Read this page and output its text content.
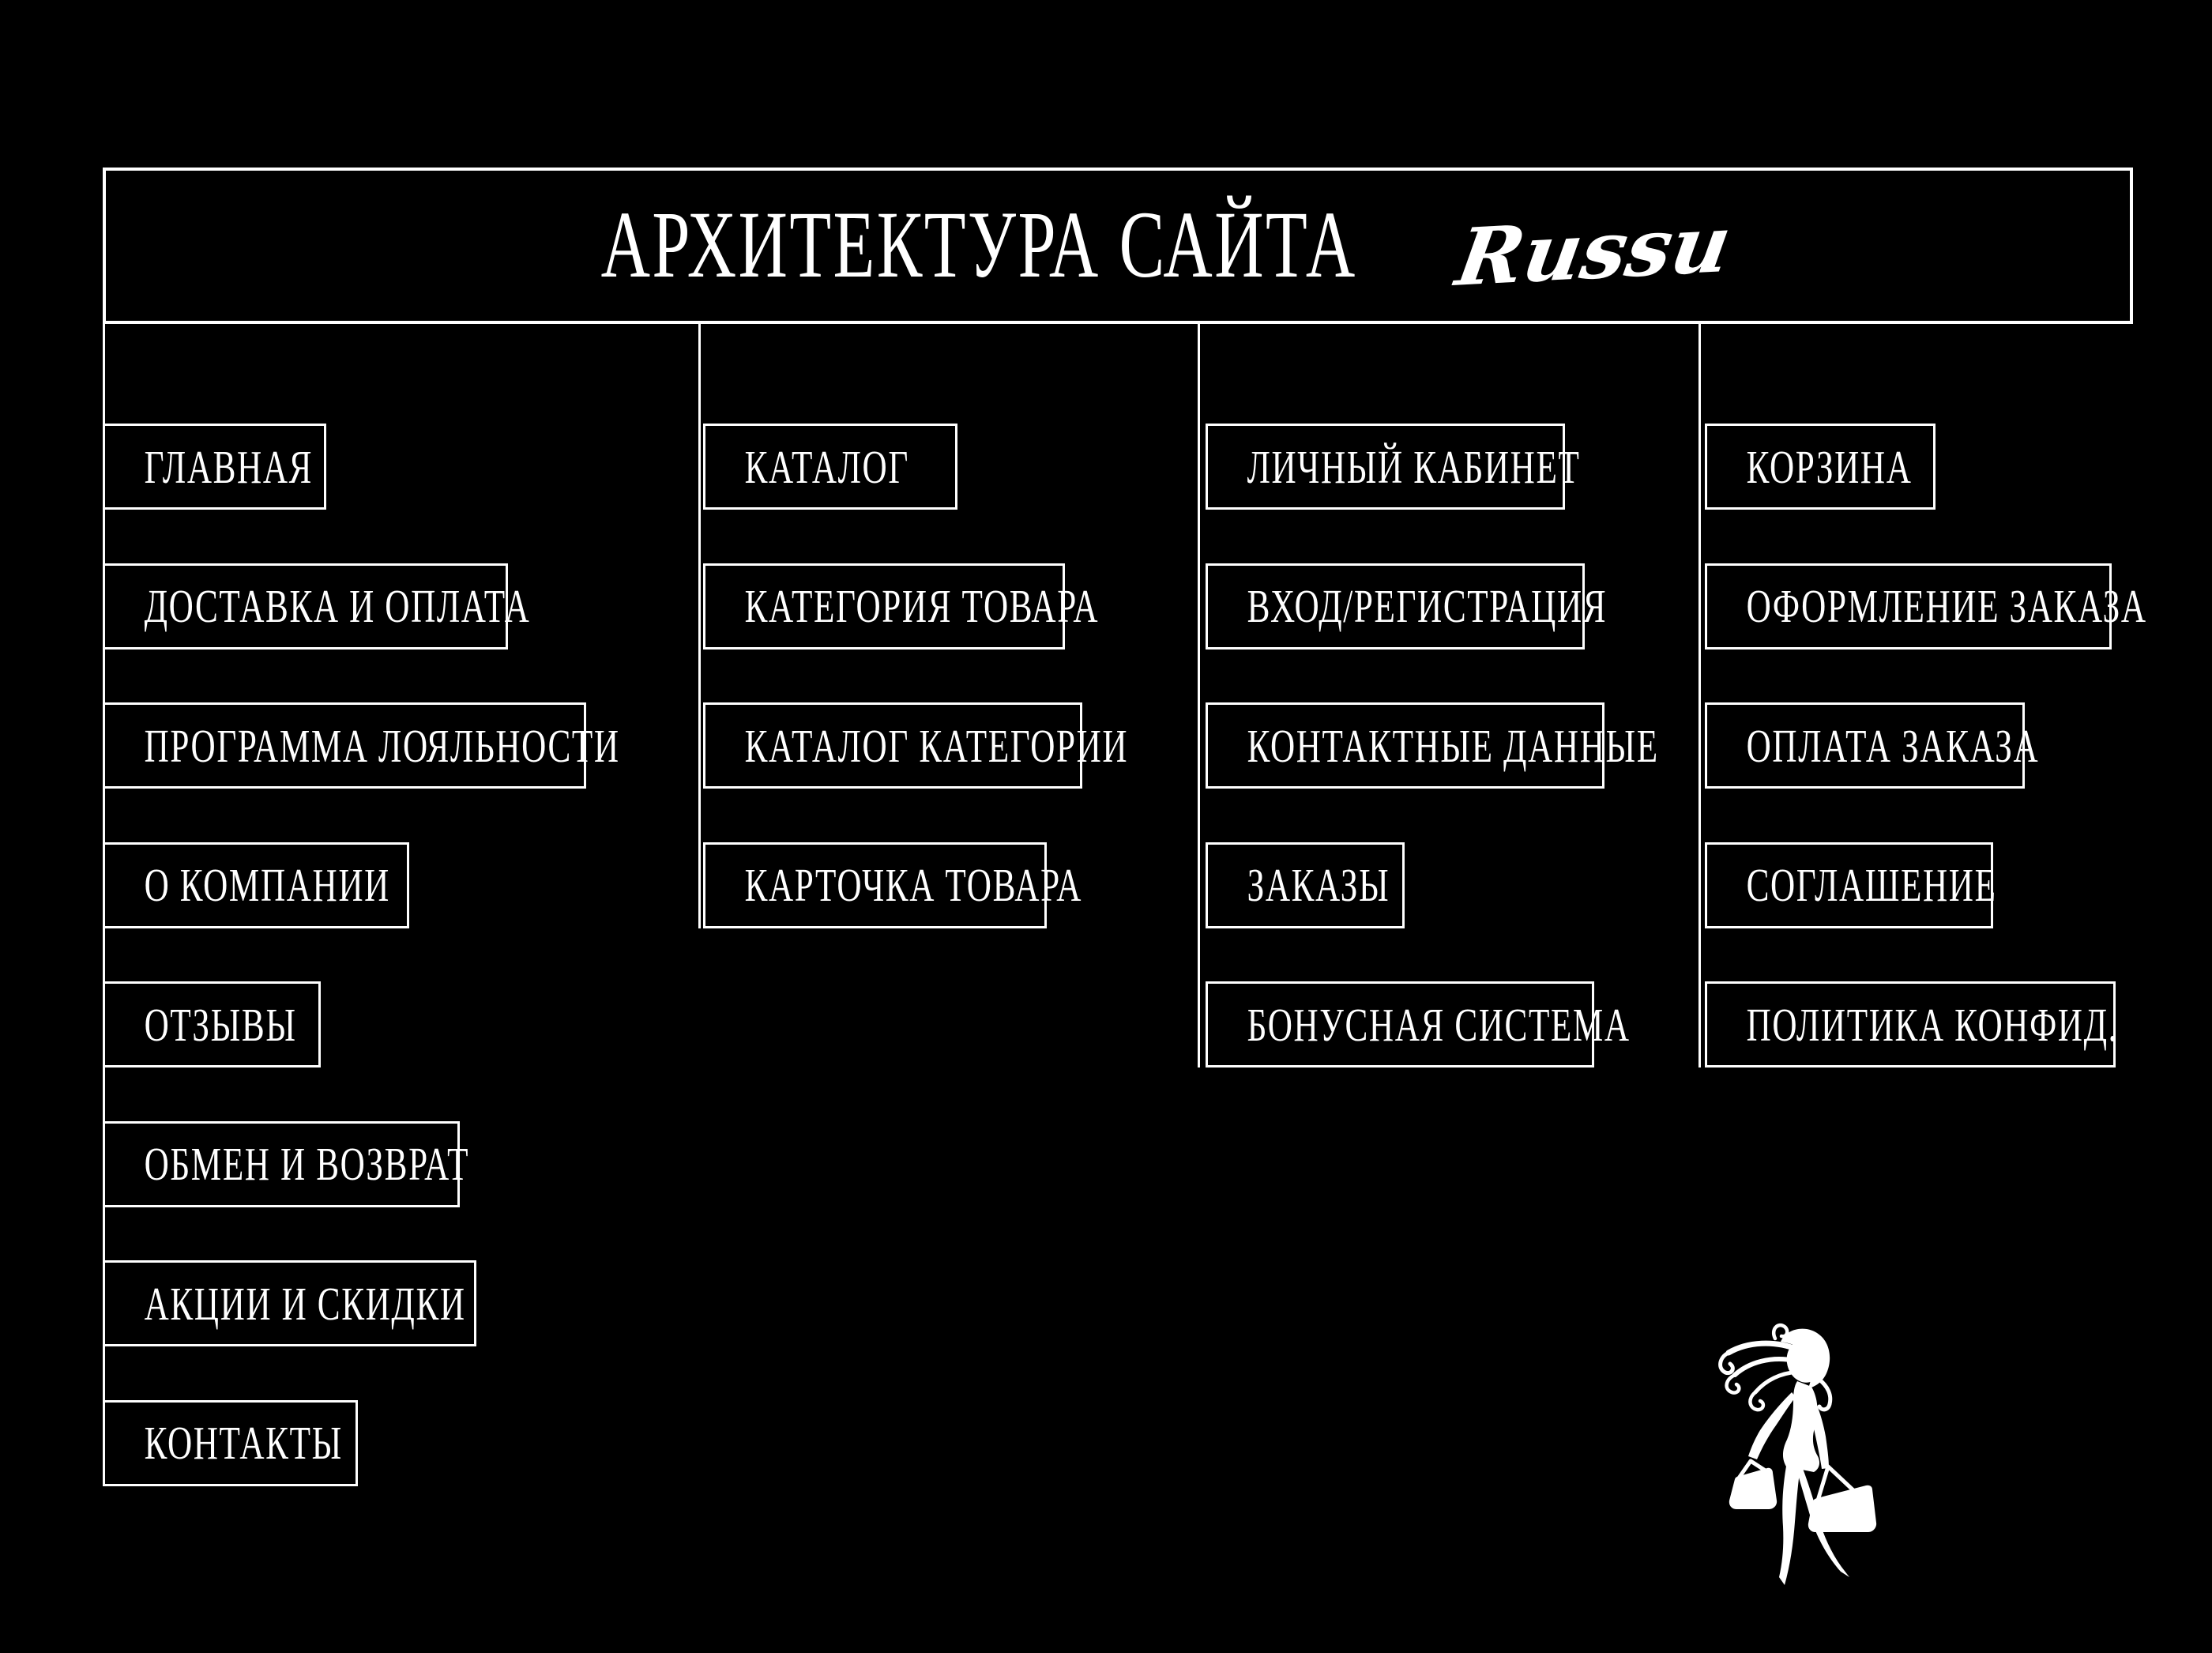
АРХИТЕКТУРА САЙТА Russu
ГЛАВНАЯ
ДОСТАВКА И ОПЛАТА
ПРОГРАММА ЛОЯЛЬНОСТИ
О КОМПАНИИ
ОТЗЫВЫ
ОБМЕН И ВОЗВРАТ
АКЦИИ И СКИДКИ
КОНТАКТЫ
КАТАЛОГ
КАТЕГОРИЯ ТОВАРА
КАТАЛОГ КАТЕГОРИИ
КАРТОЧКА ТОВАРА
ЛИЧНЫЙ КАБИНЕТ
ВХОД/РЕГИСТРАЦИЯ
КОНТАКТНЫЕ ДАННЫЕ
ЗАКАЗЫ
БОНУСНАЯ СИСТЕМА
КОРЗИНА
ОФОРМЛЕНИЕ ЗАКАЗА
ОПЛАТА ЗАКАЗА
СОГЛАШЕНИЕ
ПОЛИТИКА КОНФИД.
